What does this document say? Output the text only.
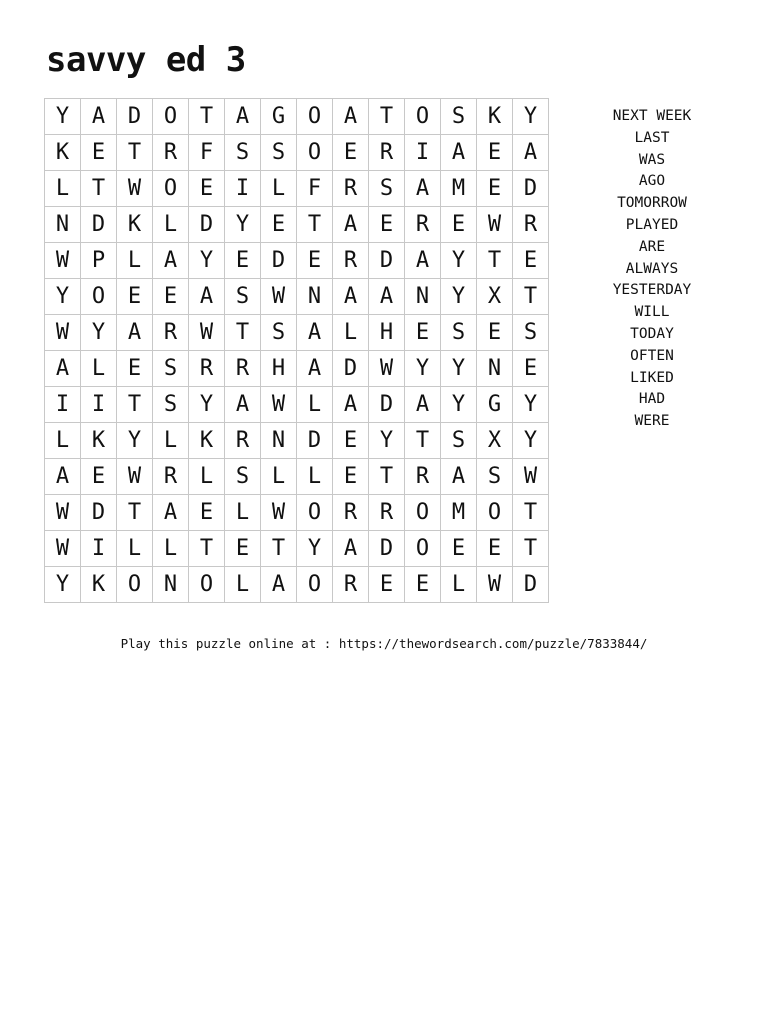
savvy ed 3
Y	A	D	O	T	A	G	O	A	T	O	S	K	Y
K	E	T	R	F	S	S	O	E	R	I	A	E	A
L	T	W	O	E	I	L	F	R	S	A	M	E	D
N	D	K	L	D	Y	E	T	A	E	R	E	W	R
W	P	L	A	Y	E	D	E	R	D	A	Y	T	E
Y	O	E	E	A	S	W	N	A	A	N	Y	X	T
W	Y	A	R	W	T	S	A	L	H	E	S	E	S
A	L	E	S	R	R	H	A	D	W	Y	Y	N	E
I	I	T	S	Y	A	W	L	A	D	A	Y	G	Y
L	K	Y	L	K	R	N	D	E	Y	T	S	X	Y
A	E	W	R	L	S	L	L	E	T	R	A	S	W
W	D	T	A	E	L	W	O	R	R	O	M	O	T
W	I	L	L	T	E	T	Y	A	D	O	E	E	T
Y	K	O	N	O	L	A	O	R	E	E	L	W	D
NEXT WEEK
LAST
WAS
AGO
TOMORROW
PLAYED
ARE
ALWAYS
YESTERDAY
WILL
TODAY
OFTEN
LIKED
HAD
WERE
Play this puzzle online at : https://thewordsearch.com/puzzle/7833844/
